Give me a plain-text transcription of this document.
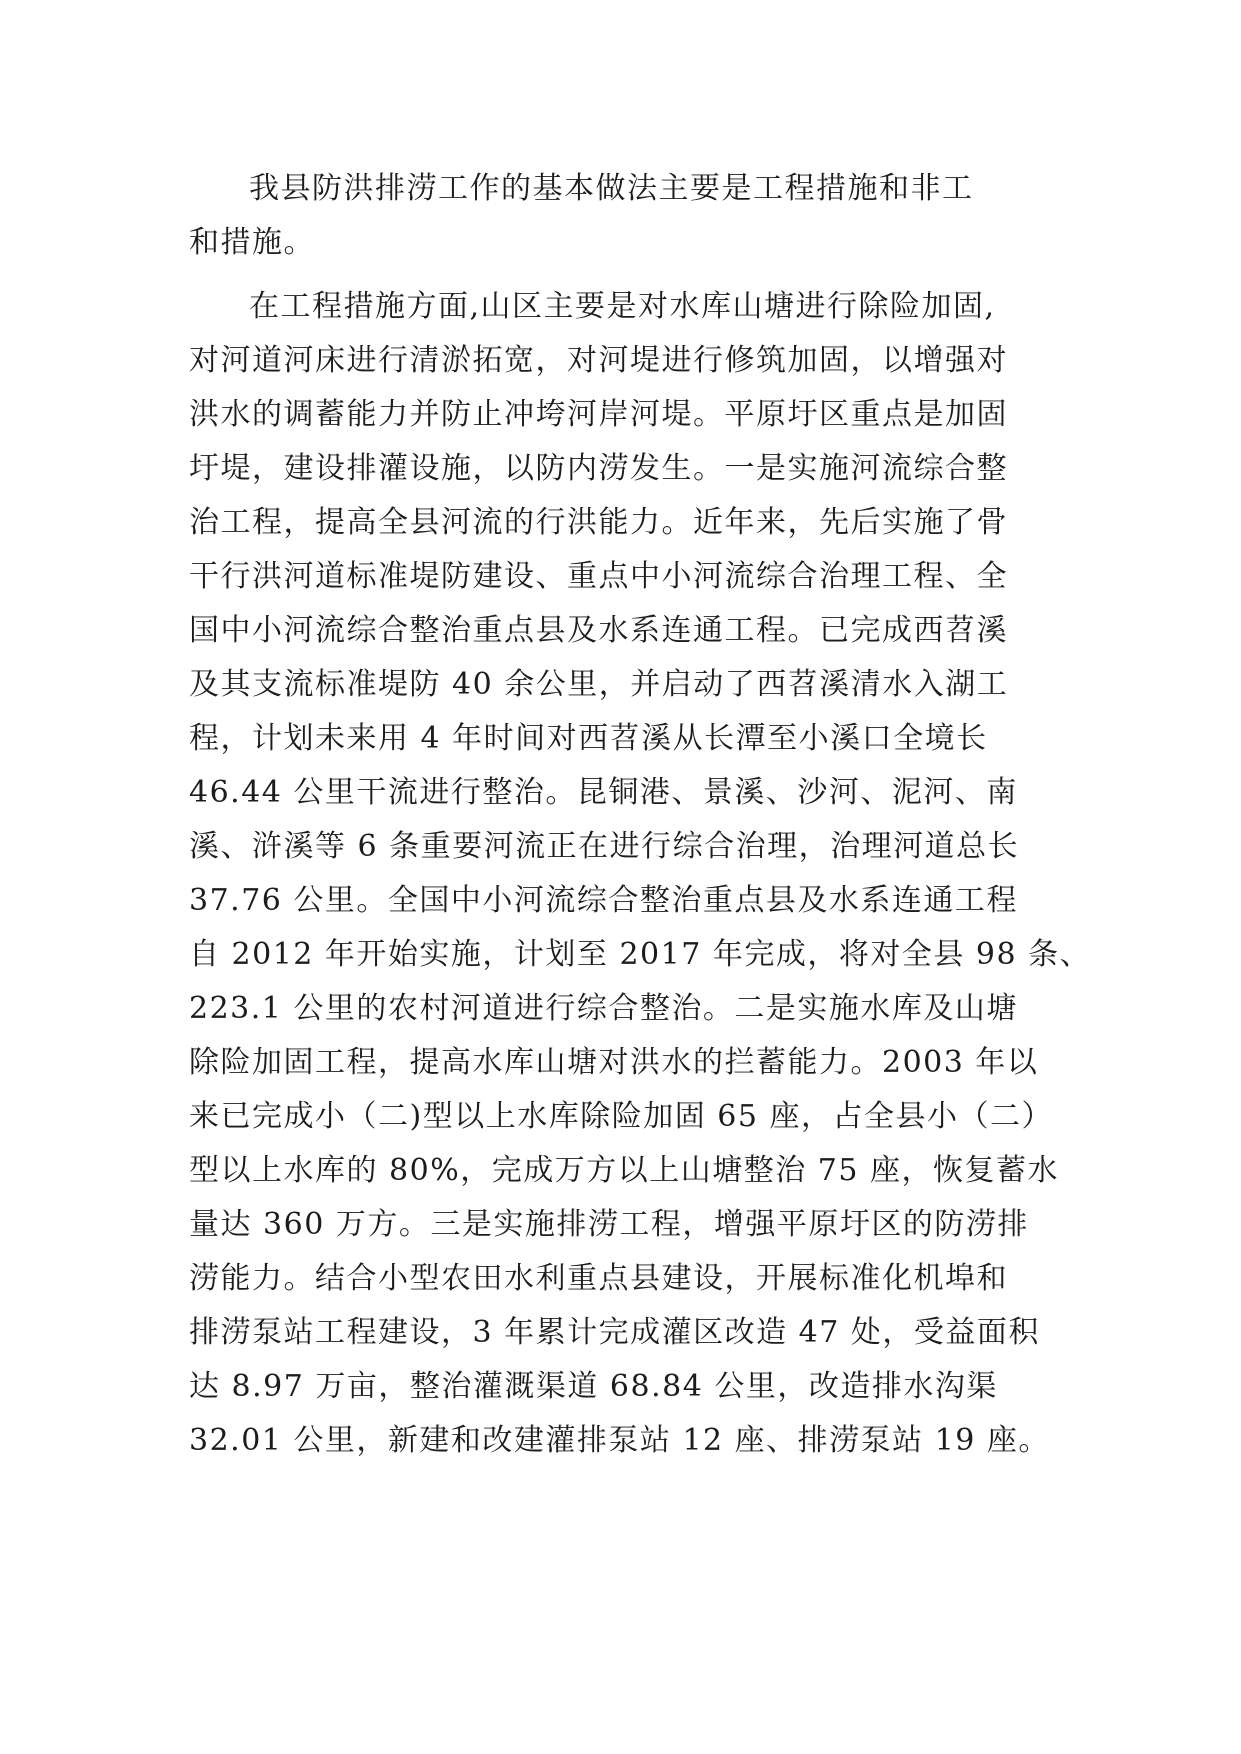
我县防洪排涝工作的基本做法主要是工程措施和非工
和措施。
在工程措施方面,山区主要是对水库山塘进行除险加固,
对河道河床进行清淤拓宽，对河堤进行修筑加固，以增强对
洪水的调蓄能力并防止冲垮河岸河堤。平原圩区重点是加固
圩堤，建设排灌设施，以防内涝发生。一是实施河流综合整
治工程，提高全县河流的行洪能力。近年来，先后实施了骨
干行洪河道标准堤防建设、重点中小河流综合治理工程、全
国中小河流综合整治重点县及水系连通工程。已完成西苕溪
及其支流标准堤防 40 余公里，并启动了西苕溪清水入湖工
程，计划未来用 4 年时间对西苕溪从长潭至小溪口全境长
46.44 公里干流进行整治。昆铜港、景溪、沙河、泥河、南
溪、浒溪等 6 条重要河流正在进行综合治理，治理河道总长
37.76 公里。全国中小河流综合整治重点县及水系连通工程
自 2012 年开始实施，计划至 2017 年完成，将对全县 98 条、
223.1 公里的农村河道进行综合整治。二是实施水库及山塘
除险加固工程，提高水库山塘对洪水的拦蓄能力。2003 年以
来已完成小（二)型以上水库除险加固 65 座，占全县小（二）
型以上水库的 80%，完成万方以上山塘整治 75 座，恢复蓄水
量达 360 万方。三是实施排涝工程，增强平原圩区的防涝排
涝能力。结合小型农田水利重点县建设，开展标准化机埠和
排涝泵站工程建设，3 年累计完成灌区改造 47 处，受益面积
达 8.97 万亩，整治灌溉渠道 68.84 公里，改造排水沟渠
32.01 公里，新建和改建灌排泵站 12 座、排涝泵站 19 座。
